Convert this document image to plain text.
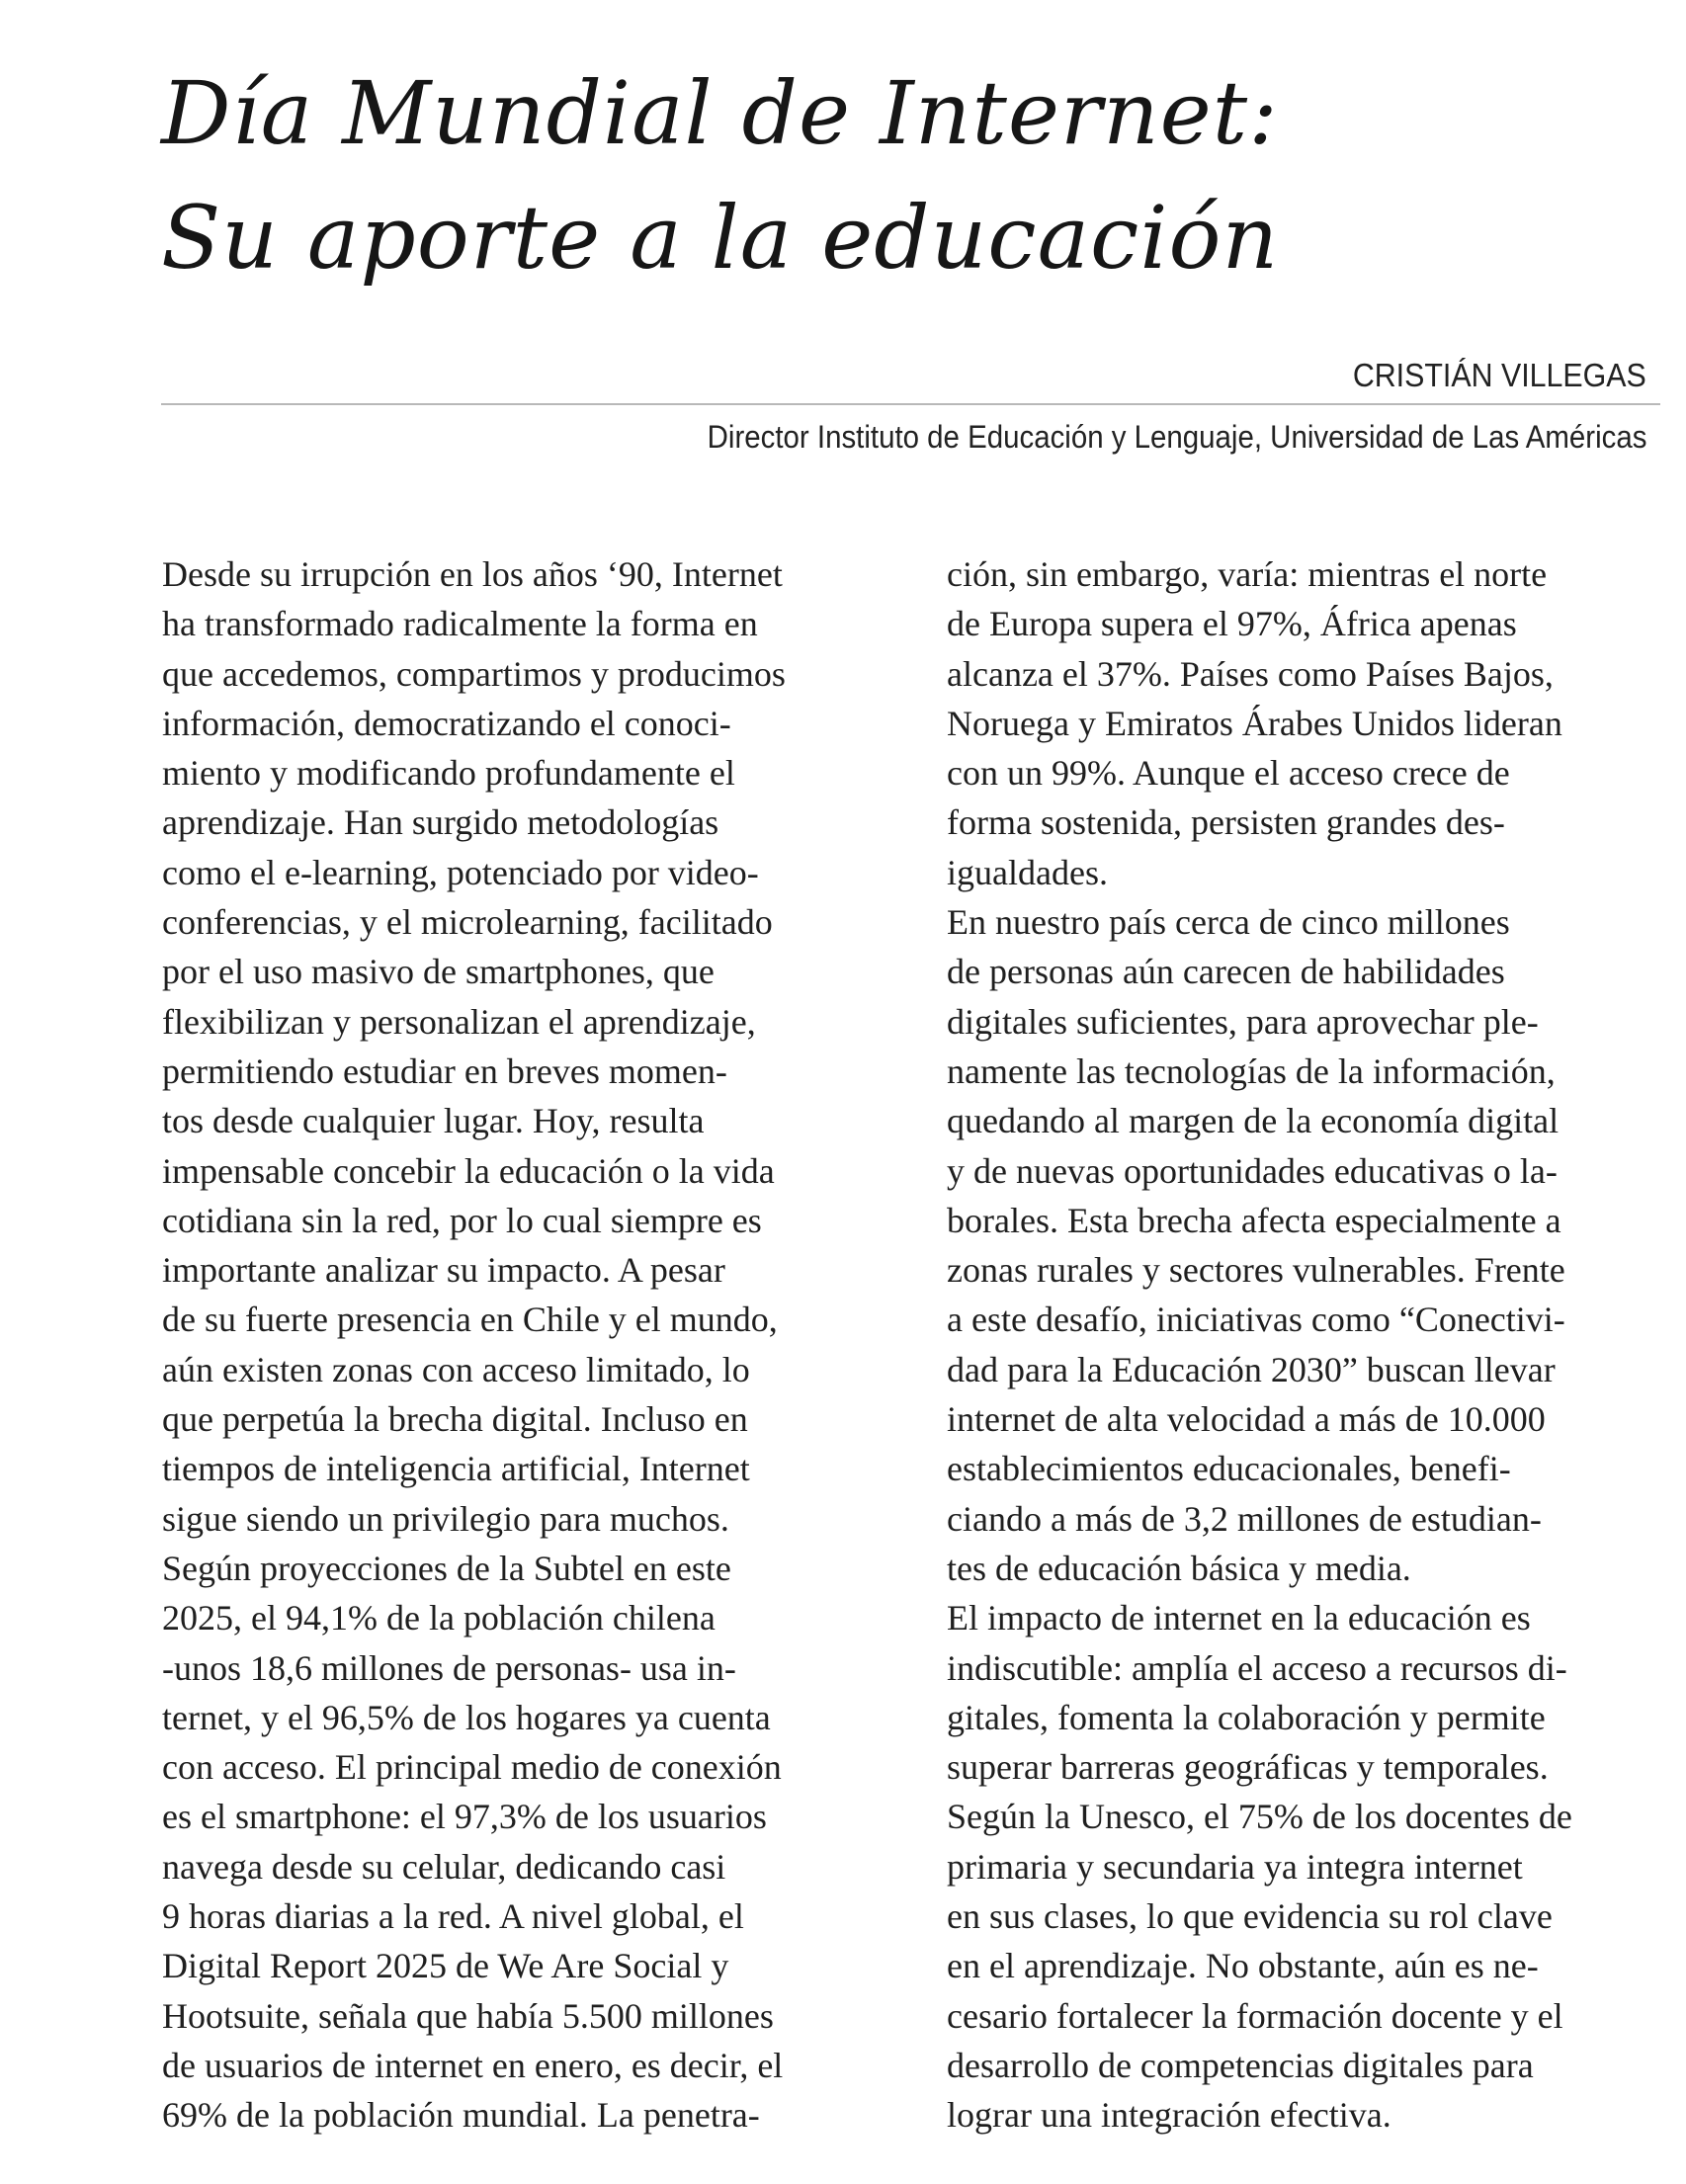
Día Mundial de Internet:
Su aporte a la educación
CRISTIÁN VILLEGAS
Director Instituto de Educación y Lenguaje, Universidad de Las Américas
Desde su irrupción en los años ‘90, Internet
ha transformado radicalmente la forma en
que accedemos, compartimos y producimos
información, democratizando el conoci-
miento y modificando profundamente el
aprendizaje. Han surgido metodologías
como el e-learning, potenciado por video-
conferencias, y el microlearning, facilitado
por el uso masivo de smartphones, que
flexibilizan y personalizan el aprendizaje,
permitiendo estudiar en breves momen-
tos desde cualquier lugar. Hoy, resulta
impensable concebir la educación o la vida
cotidiana sin la red, por lo cual siempre es
importante analizar su impacto. A pesar
de su fuerte presencia en Chile y el mundo,
aún existen zonas con acceso limitado, lo
que perpetúa la brecha digital. Incluso en
tiempos de inteligencia artificial, Internet
sigue siendo un privilegio para muchos.
Según proyecciones de la Subtel en este
2025, el 94,1% de la población chilena
-unos 18,6 millones de personas- usa in-
ternet, y el 96,5% de los hogares ya cuenta
con acceso. El principal medio de conexión
es el smartphone: el 97,3% de los usuarios
navega desde su celular, dedicando casi
9 horas diarias a la red. A nivel global, el
Digital Report 2025 de We Are Social y
Hootsuite, señala que había 5.500 millones
de usuarios de internet en enero, es decir, el
69% de la población mundial. La penetra-
ción, sin embargo, varía: mientras el norte
de Europa supera el 97%, África apenas
alcanza el 37%. Países como Países Bajos,
Noruega y Emiratos Árabes Unidos lideran
con un 99%. Aunque el acceso crece de
forma sostenida, persisten grandes des-
igualdades.
En nuestro país cerca de cinco millones
de personas aún carecen de habilidades
digitales suficientes, para aprovechar ple-
namente las tecnologías de la información,
quedando al margen de la economía digital
y de nuevas oportunidades educativas o la-
borales. Esta brecha afecta especialmente a
zonas rurales y sectores vulnerables. Frente
a este desafío, iniciativas como “Conectivi-
dad para la Educación 2030” buscan llevar
internet de alta velocidad a más de 10.000
establecimientos educacionales, benefi-
ciando a más de 3,2 millones de estudian-
tes de educación básica y media.
El impacto de internet en la educación es
indiscutible: amplía el acceso a recursos di-
gitales, fomenta la colaboración y permite
superar barreras geográficas y temporales.
Según la Unesco, el 75% de los docentes de
primaria y secundaria ya integra internet
en sus clases, lo que evidencia su rol clave
en el aprendizaje. No obstante, aún es ne-
cesario fortalecer la formación docente y el
desarrollo de competencias digitales para
lograr una integración efectiva.
